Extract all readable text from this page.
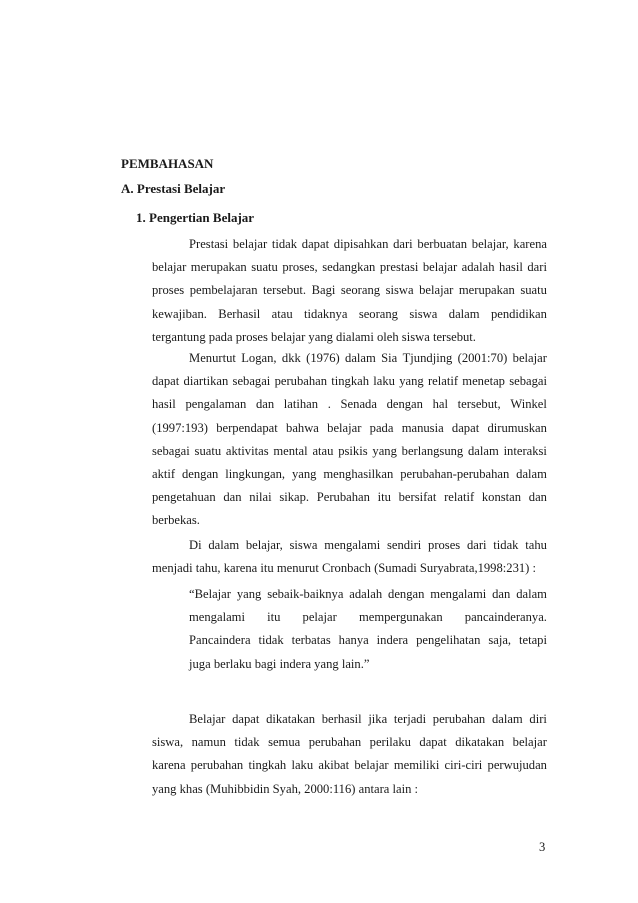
PEMBAHASAN
A. Prestasi Belajar
1. Pengertian Belajar
Prestasi belajar tidak dapat dipisahkan dari berbuatan belajar, karena
belajar merupakan suatu proses, sedangkan prestasi belajar adalah hasil dari
proses pembelajaran tersebut. Bagi seorang siswa belajar merupakan suatu
kewajiban. Berhasil atau tidaknya seorang siswa dalam pendidikan
tergantung pada proses belajar yang dialami oleh siswa tersebut.
Menurtut Logan, dkk (1976) dalam Sia Tjundjing (2001:70) belajar
dapat diartikan sebagai perubahan tingkah laku yang relatif menetap sebagai
hasil pengalaman dan latihan . Senada dengan hal tersebut, Winkel
(1997:193) berpendapat bahwa belajar pada manusia dapat dirumuskan
sebagai suatu aktivitas mental atau psikis yang berlangsung dalam interaksi
aktif dengan lingkungan, yang menghasilkan perubahan-perubahan dalam
pengetahuan dan nilai sikap. Perubahan itu bersifat relatif konstan dan
berbekas.
Di dalam belajar, siswa mengalami sendiri proses dari tidak tahu
menjadi tahu, karena itu menurut Cronbach (Sumadi Suryabrata,1998:231) :
“Belajar yang sebaik-baiknya adalah dengan mengalami dan dalam
mengalami itu pelajar mempergunakan pancainderanya.
Pancaindera tidak terbatas hanya indera pengelihatan saja, tetapi
juga berlaku bagi indera yang lain.”
Belajar dapat dikatakan berhasil jika terjadi perubahan dalam diri
siswa, namun tidak semua perubahan perilaku dapat dikatakan belajar
karena perubahan tingkah laku akibat belajar memiliki ciri-ciri perwujudan
yang khas (Muhibbidin Syah, 2000:116) antara lain :
3
